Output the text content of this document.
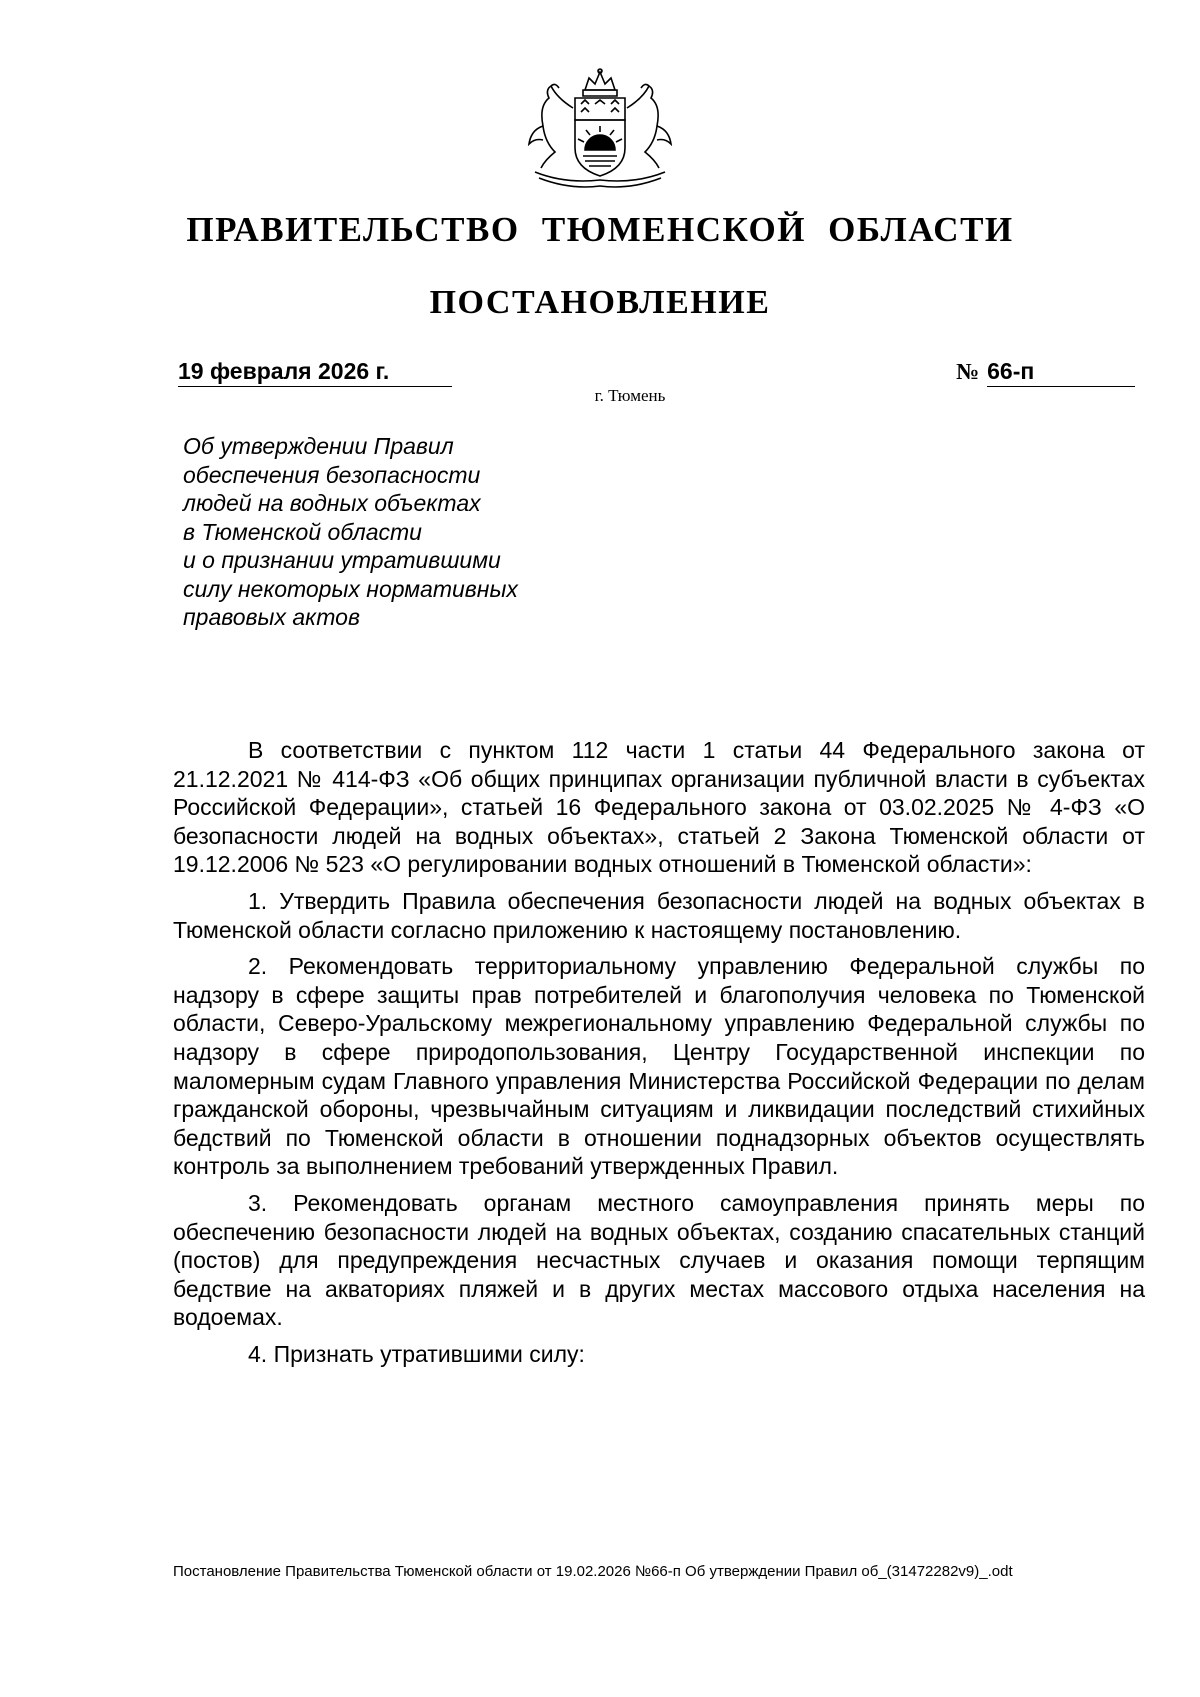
ПРАВИТЕЛЬСТВО ТЮМЕНСКОЙ ОБЛАСТИ
ПОСТАНОВЛЕНИЕ
19 февраля 2026 г.	№ 66-п
г. Тюмень
Об утверждении Правил
обеспечения безопасности
людей на водных объектах
в Тюменской области
и о признании утратившими
силу некоторых нормативных
правовых актов

В соответствии с пунктом 112 части 1 статьи 44 Федерального закона от 21.12.2021 № 414-ФЗ «Об общих принципах организации публичной власти в субъектах Российской Федерации», статьей 16 Федерального закона от 03.02.2025 № 4-ФЗ «О безопасности людей на водных объектах», статьей 2 Закона Тюменской области от 19.12.2006 № 523 «О регулировании водных отношений в Тюменской области»:

1. Утвердить Правила обеспечения безопасности людей на водных объектах в Тюменской области согласно приложению к настоящему постановлению.

2. Рекомендовать территориальному управлению Федеральной службы по надзору в сфере защиты прав потребителей и благополучия человека по Тюменской области, Северо-Уральскому межрегиональному управлению Федеральной службы по надзору в сфере природопользования, Центру Государственной инспекции по маломерным судам Главного управления Министерства Российской Федерации по делам гражданской обороны, чрезвычайным ситуациям и ликвидации последствий стихийных бедствий по Тюменской области в отношении поднадзорных объектов осуществлять контроль за выполнением требований утвержденных Правил.

3. Рекомендовать органам местного самоуправления принять меры по обеспечению безопасности людей на водных объектах, созданию спасательных станций (постов) для предупреждения несчастных случаев и оказания помощи терпящим бедствие на акваториях пляжей и в других местах массового отдыха населения на водоемах.

4. Признать утратившими силу:

Постановление Правительства Тюменской области от 19.02.2026 №66-п Об утверждении Правил об_(31472282v9)_.odt
